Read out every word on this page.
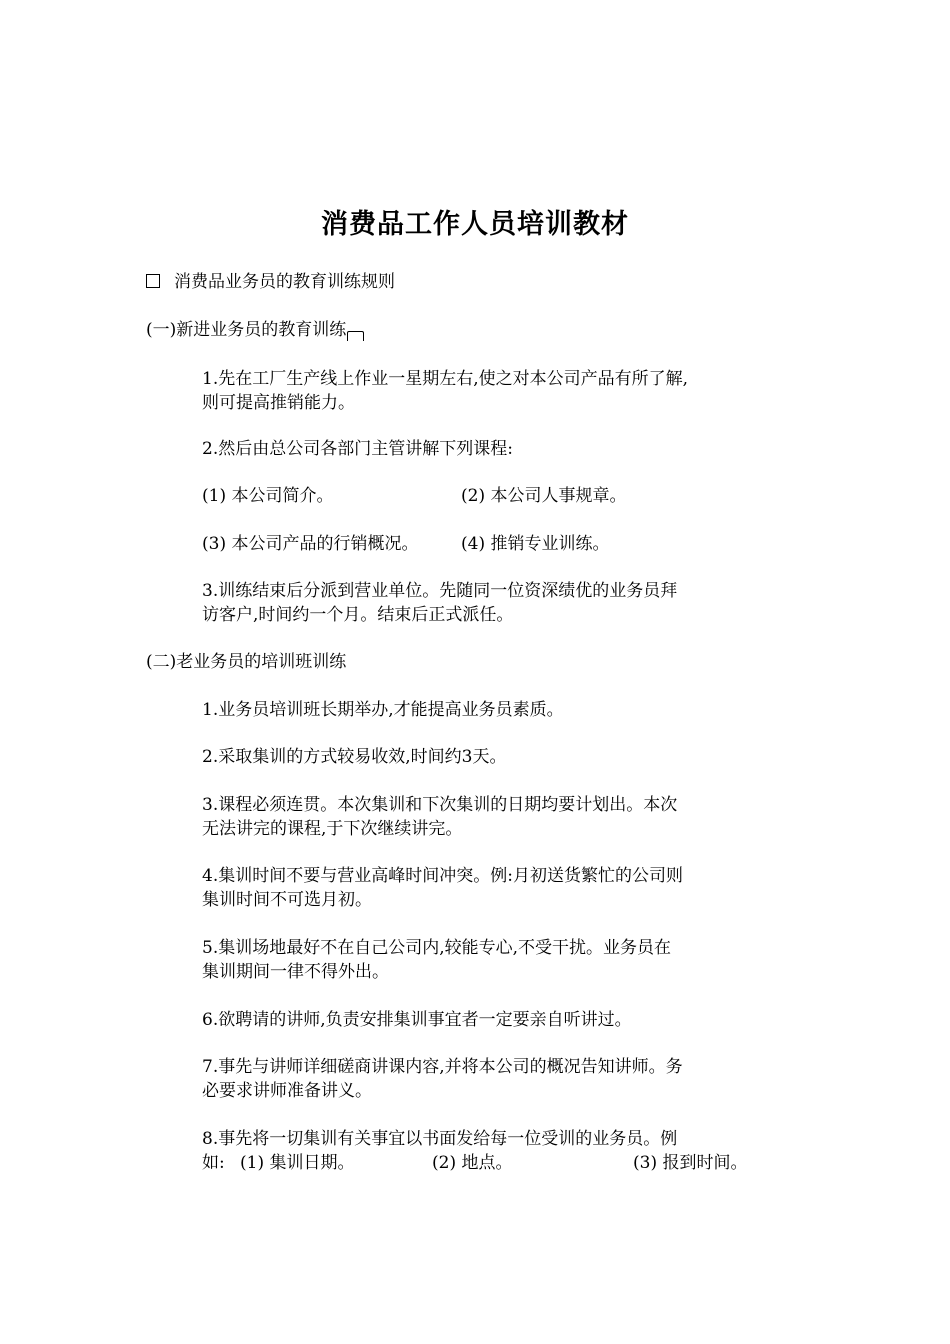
消费品工作人员培训教材
消费品业务员的教育训练规则
(一)新进业务员的教育训练
1.先在工厂生产线上作业一星期左右,使之对本公司产品有所了解,
则可提高推销能力。
2.然后由总公司各部门主管讲解下列课程:
(1) 本公司简介。	(2) 本公司人事规章。
(3) 本公司产品的行销概况。	(4) 推销专业训练。
3.训练结束后分派到营业单位。先随同一位资深绩优的业务员拜
访客户,时间约一个月。结束后正式派任。
(二)老业务员的培训班训练
1.业务员培训班长期举办,才能提高业务员素质。
2.采取集训的方式较易收效,时间约3天。
3.课程必须连贯。本次集训和下次集训的日期均要计划出。本次
无法讲完的课程,于下次继续讲完。
4.集训时间不要与营业高峰时间冲突。例:月初送货繁忙的公司则
集训时间不可选月初。
5.集训场地最好不在自己公司内,较能专心,不受干扰。业务员在
集训期间一律不得外出。
6.欲聘请的讲师,负责安排集训事宜者一定要亲自听讲过。
7.事先与讲师详细磋商讲课内容,并将本公司的概况告知讲师。务
必要求讲师准备讲义。
8.事先将一切集训有关事宜以书面发给每一位受训的业务员。例
如: (1) 集训日期。	(2) 地点。	(3) 报到时间。
